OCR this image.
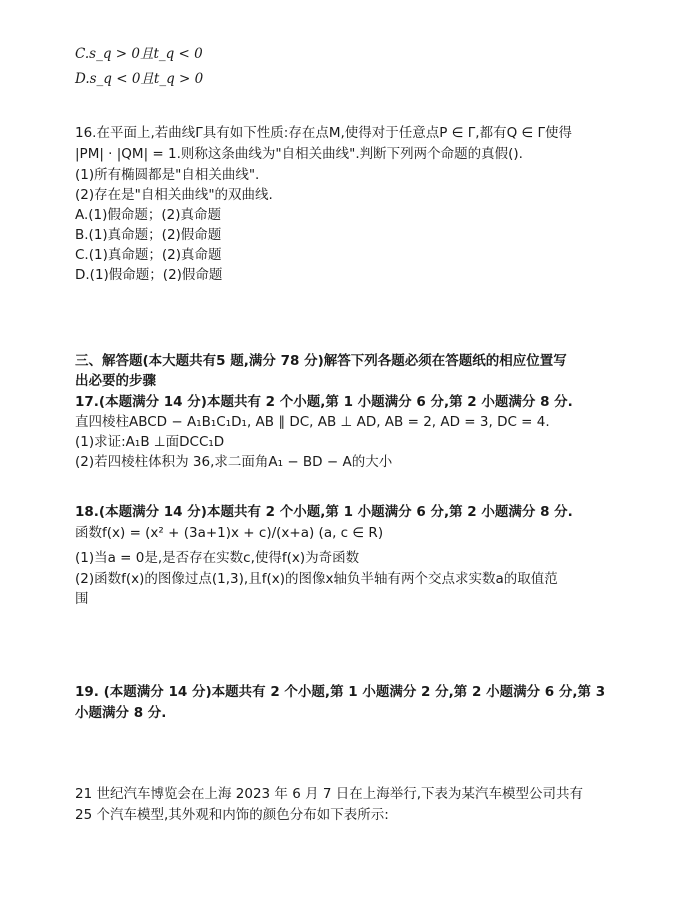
C.s_q > 0且t_q < 0
D.s_q < 0且t_q > 0
16.在平面上,若曲线Γ具有如下性质:存在点M,使得对于任意点P ∈ Γ,都有Q ∈ Γ使得
|PM| · |QM| = 1.则称这条曲线为"自相关曲线".判断下列两个命题的真假().
(1)所有椭圆都是"自相关曲线".
(2)存在是"自相关曲线"的双曲线.
A.(1)假命题；(2)真命题
B.(1)真命题；(2)假命题
C.(1)真命题；(2)真命题
D.(1)假命题；(2)假命题
三、解答题(本大题共有5 题,满分 78 分)解答下列各题必须在答题纸的相应位置写
出必要的步骤
17.(本题满分 14 分)本题共有 2 个小题,第 1 小题满分 6 分,第 2 小题满分 8 分.
直四棱柱ABCD − A₁B₁C₁D₁, AB ∥ DC, AB ⊥ AD, AB = 2, AD = 3, DC = 4.
(1)求证:A₁B ⊥面DCC₁D
(2)若四棱柱体积为 36,求二面角A₁ − BD − A的大小
18.(本题满分 14 分)本题共有 2 个小题,第 1 小题满分 6 分,第 2 小题满分 8 分.
函数f(x) = (x² + (3a+1)x + c)/(x+a) (a, c ∈ R)
(1)当a = 0是,是否存在实数c,使得f(x)为奇函数
(2)函数f(x)的图像过点(1,3),且f(x)的图像x轴负半轴有两个交点求实数a的取值范
围
19. (本题满分 14 分)本题共有 2 个小题,第 1 小题满分 2 分,第 2 小题满分 6 分,第 3
小题满分 8 分.
21 世纪汽车博览会在上海 2023 年 6 月 7 日在上海举行,下表为某汽车模型公司共有
25 个汽车模型,其外观和内饰的颜色分布如下表所示:
